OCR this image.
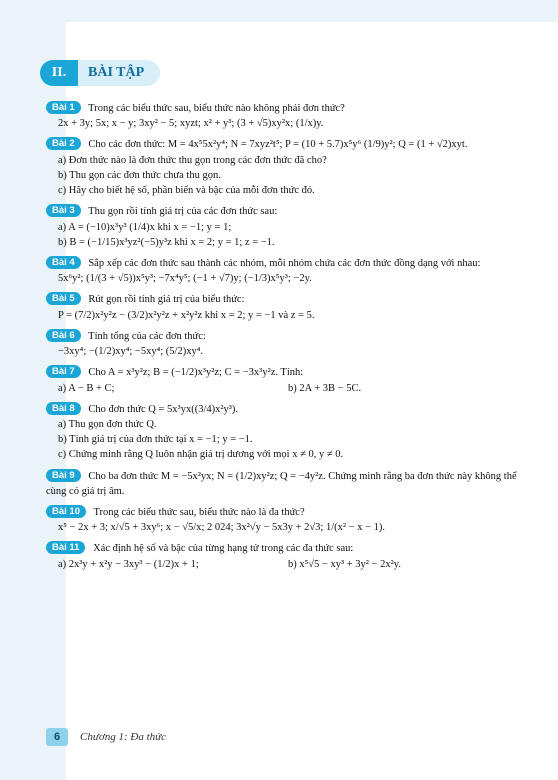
II.	BÀI TẬP
Bài 1 Trong các biểu thức sau, biểu thức nào không phải đơn thức?
2x + 3y; 5x; x − y; 3xy² − 5; xyzt; x² + y³; (3 + √5)xy²x; (1/x)y.
Bài 2 Cho các đơn thức: M = 4x⁵5x²y⁴; N = 7xyz²t⁵; P = (10 + 5.7)x⁵y⁶ (1/9)y²; Q = (1 + √2)xyt.
a) Đơn thức nào là đơn thức thu gọn trong các đơn thức đã cho?
b) Thu gọn các đơn thức chưa thu gọn.
c) Hãy cho biết hệ số, phần biến và bậc của mỗi đơn thức đó.
Bài 3 Thu gọn rồi tính giá trị của các đơn thức sau:
a) A = (−10)x³y³ (1/4)x khi x = −1; y = 1;
b) B = (−1/15)x³yz²(−5)y³z khi x = 2; y = 1; z = −1.
Bài 4 Sắp xếp các đơn thức sau thành các nhóm, mỗi nhóm chứa các đơn thức đồng dạng với nhau:
5x⁶y²; (1/(3 + √5))x⁵y³; −7x⁴y⁵; (−1 + √7)y; (−1/3)x⁵y³; −2y.
Bài 5 Rút gọn rồi tính giá trị của biểu thức:
P = (7/2)x²y²z − (3/2)x²y²z + x²y²z khi x = 2; y = −1 và z = 5.
Bài 6 Tính tổng của các đơn thức:
−3xy⁴; −(1/2)xy⁴; −5xy⁴; (5/2)xy⁴.
Bài 7 Cho A = x³y²z; B = (−1/2)x³y²z; C = −3x³y²z. Tính:
a) A − B + C;	b) 2A + 3B − 5C.
Bài 8 Cho đơn thức Q = 5x³yx((3/4)x²y³).
a) Thu gọn đơn thức Q.
b) Tính giá trị của đơn thức tại x = −1; y = −1.
c) Chứng minh rằng Q luôn nhận giá trị dương với mọi x ≠ 0, y ≠ 0.
Bài 9 Cho ba đơn thức M = −5x²yx; N = (1/2)xy²z; Q = −4y²z. Chứng minh rằng ba đơn thức này không thể cùng có giá trị âm.
Bài 10 Trong các biểu thức sau, biểu thức nào là đa thức?
x⁵ − 2x + 3; x/√5 + 3xy⁶; x − √5/x; 2 024; 3x²√y − 5x3y + 2√3; 1/(x² − x − 1).
Bài 11 Xác định hệ số và bậc của từng hạng tử trong các đa thức sau:
a) 2x³y + x²y − 3xy³ − (1/2)x + 1;	b) x⁵√5 − xy³ + 3y² − 2x²y.
6	Chương 1: Đa thức
